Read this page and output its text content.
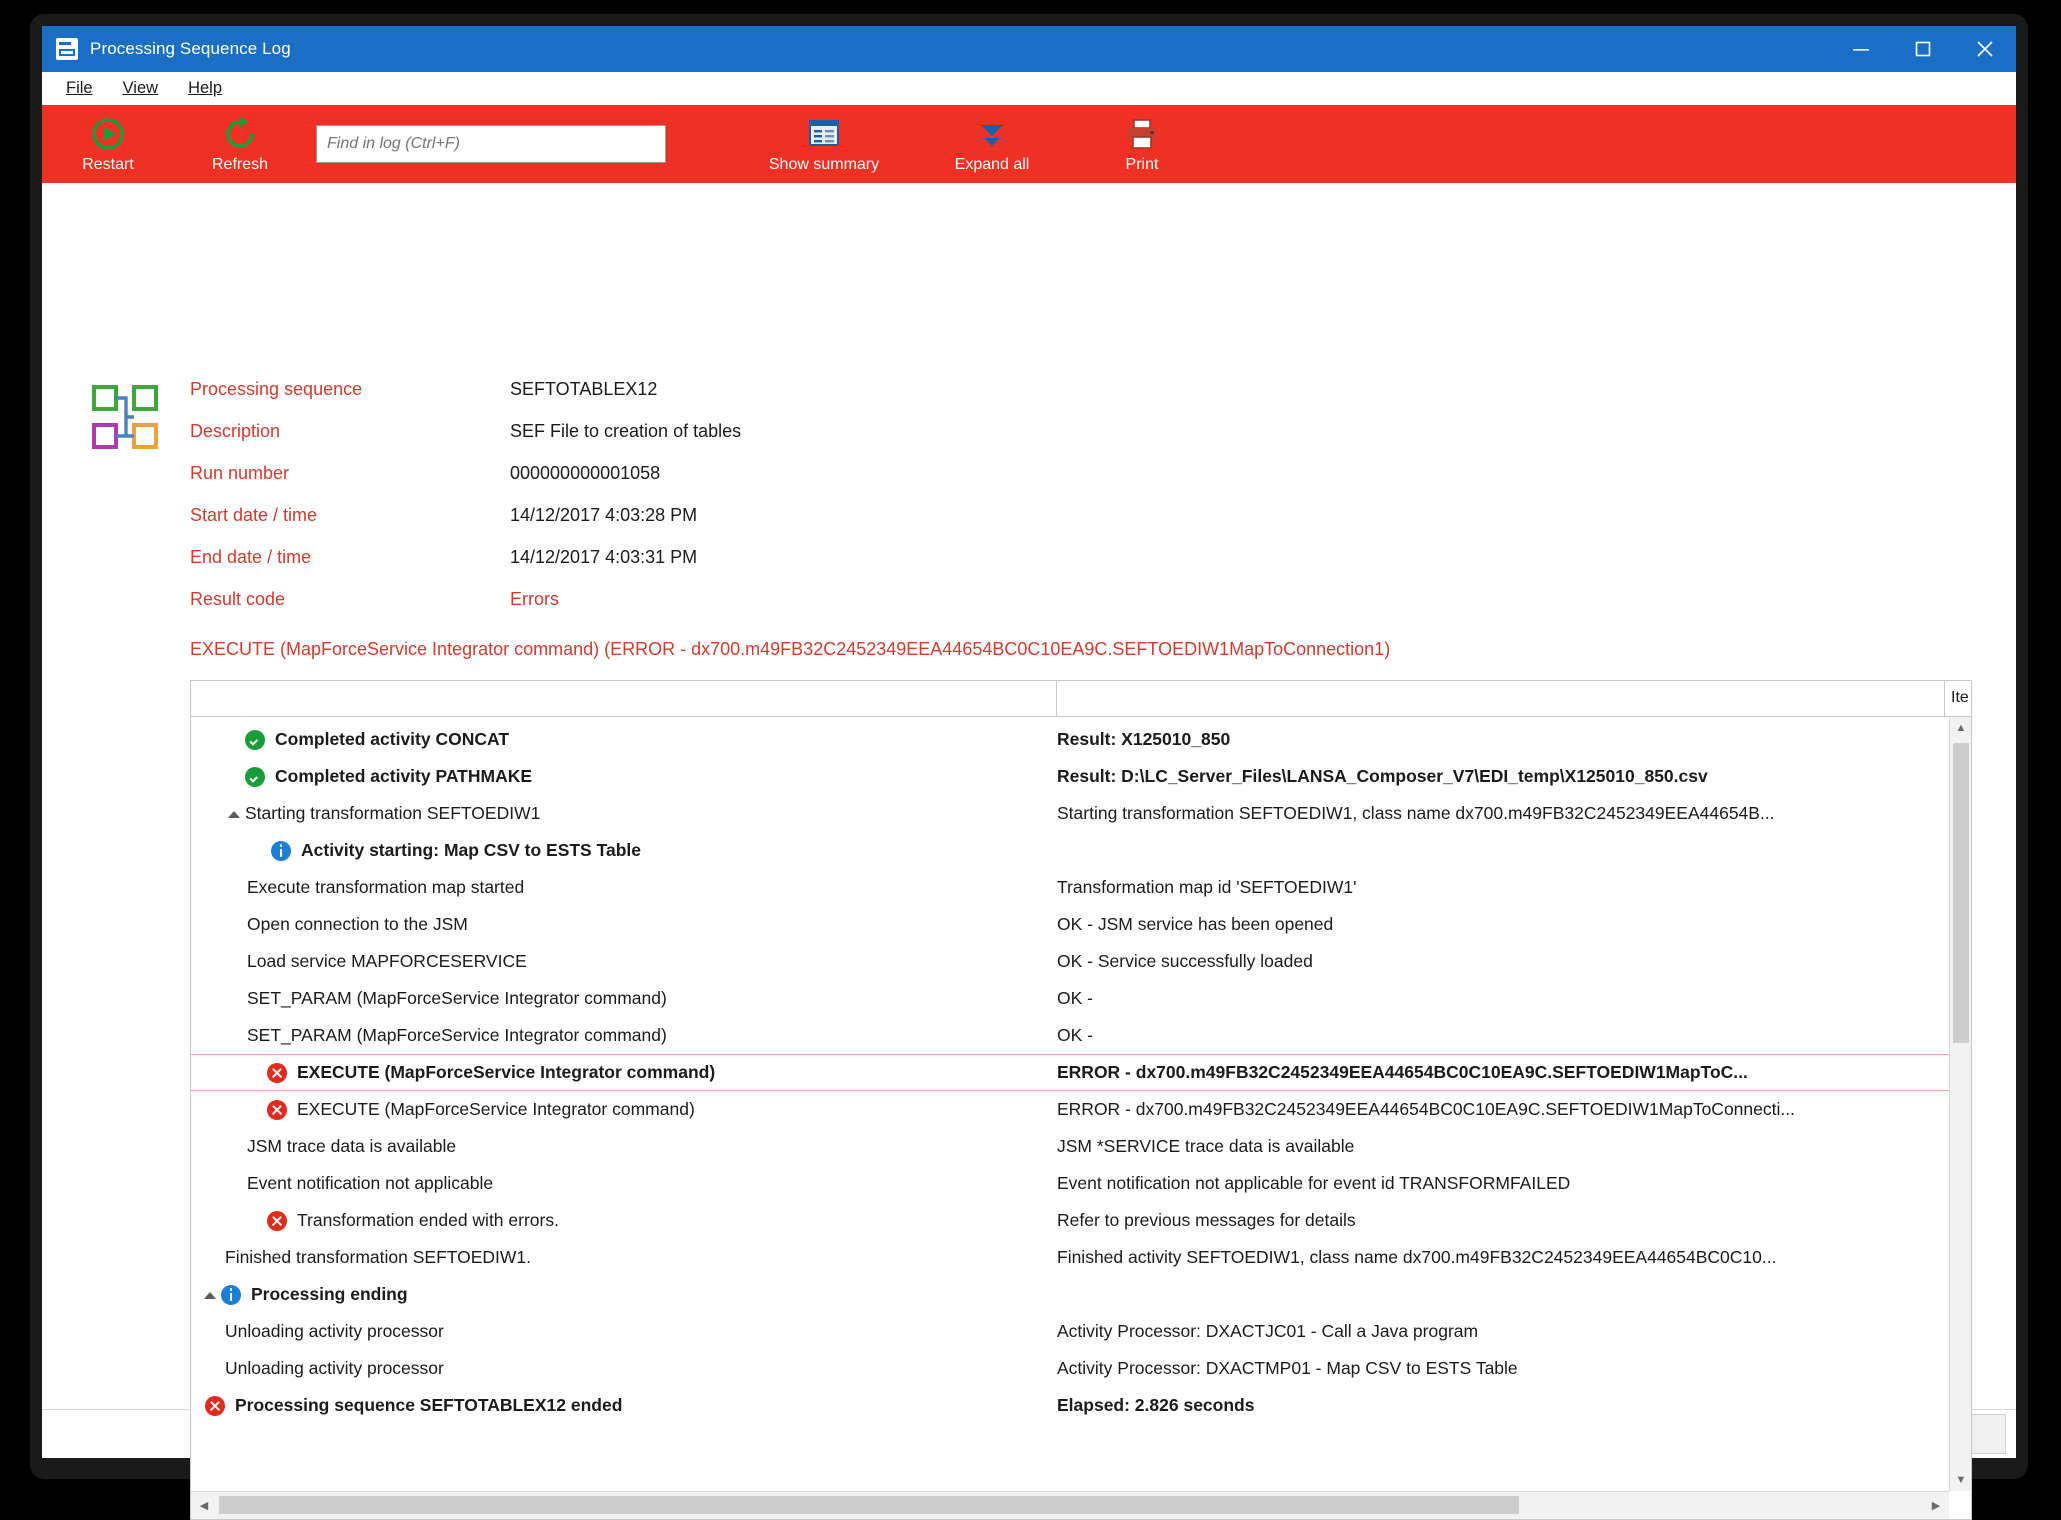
Processing Sequence Log
File View Help
Restart	Refresh
Find in log (Ctrl+F)	Show summary	Expand all	Print
Processing sequence	SEFTOTABLEX12
Description	SEF File to creation of tables
Run number	000000000001058
Start date / time	14/12/2017 4:03:28 PM
End date / time	14/12/2017 4:03:31 PM
Result code	Errors
EXECUTE (MapForceService Integrator command) (ERROR - dx700.m49FB32C2452349EEA44654BC0C10EA9C.SEFTOEDIW1MapToConnection1)
Ite
Completed activity CONCAT	Result: X125010_850
Completed activity PATHMAKE	Result: D:\LC_Server_Files\LANSA_Composer_V7\EDI_temp\X125010_850.csv
Starting transformation SEFTOEDIW1	Starting transformation SEFTOEDIW1, class name dx700.m49FB32C2452349EEA44654B...
Activity starting: Map CSV to ESTS Table
Execute transformation map started	Transformation map id 'SEFTOEDIW1'
Open connection to the JSM	OK - JSM service has been opened
Load service MAPFORCESERVICE	OK - Service successfully loaded
SET_PARAM (MapForceService Integrator command)	OK -
SET_PARAM (MapForceService Integrator command)	OK -
EXECUTE (MapForceService Integrator command)	ERROR - dx700.m49FB32C2452349EEA44654BC0C10EA9C.SEFTOEDIW1MapToC...
EXECUTE (MapForceService Integrator command)	ERROR - dx700.m49FB32C2452349EEA44654BC0C10EA9C.SEFTOEDIW1MapToConnecti...
JSM trace data is available	JSM *SERVICE trace data is available
Event notification not applicable	Event notification not applicable for event id TRANSFORMFAILED
Transformation ended with errors.	Refer to previous messages for details
Finished transformation SEFTOEDIW1.	Finished activity SEFTOEDIW1, class name dx700.m49FB32C2452349EEA44654BC0C10...
Processing ending
Unloading activity processor	Activity Processor: DXACTJC01 - Call a Java program
Unloading activity processor	Activity Processor: DXACTMP01 - Map CSV to ESTS Table
Processing sequence SEFTOTABLEX12 ended	Elapsed: 2.826 seconds
▲
▼
◀	▶
